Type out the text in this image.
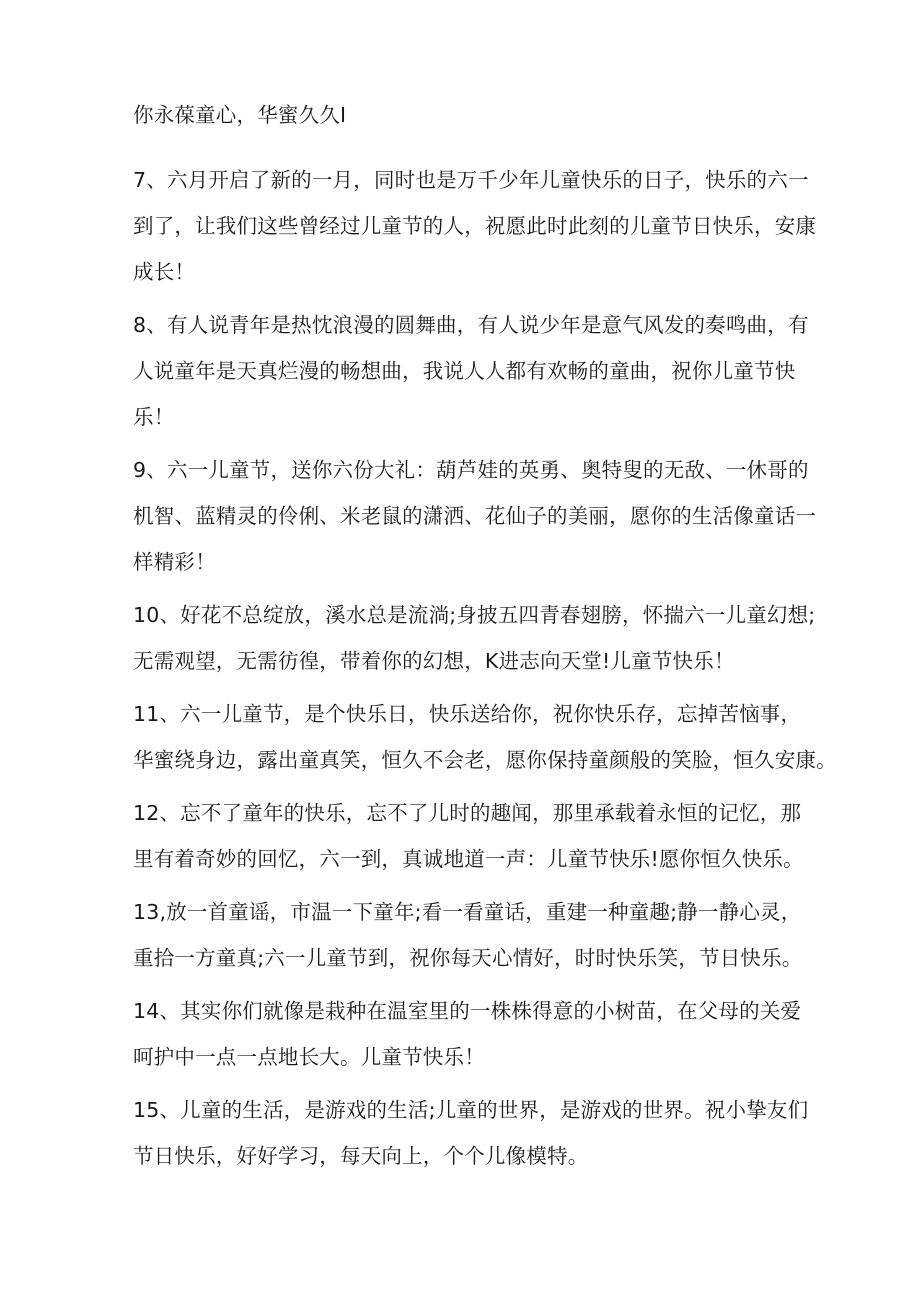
你永葆童心，华蜜久久I

7、六月开启了新的一月，同时也是万千少年儿童快乐的日子，快乐的六一
到了，让我们这些曾经过儿童节的人，祝愿此时此刻的儿童节日快乐，安康
成长！

8、有人说青年是热忱浪漫的圆舞曲，有人说少年是意气风发的奏鸣曲，有
人说童年是天真烂漫的畅想曲，我说人人都有欢畅的童曲，祝你儿童节快
乐！

9、六一儿童节，送你六份大礼：葫芦娃的英勇、奥特叟的无敌、一休哥的
机智、蓝精灵的伶俐、米老鼠的潇洒、花仙子的美丽，愿你的生活像童话一
样精彩！

10、好花不总绽放，溪水总是流淌;身披五四青春翅膀，怀揣六一儿童幻想;
无需观望，无需彷徨，带着你的幻想，K进志向天堂!儿童节快乐！

11、六一儿童节，是个快乐日，快乐送给你，祝你快乐存，忘掉苦恼事，
华蜜绕身边，露出童真笑，恒久不会老，愿你保持童颜般的笑脸，恒久安康。

12、忘不了童年的快乐，忘不了儿时的趣闻，那里承载着永恒的记忆，那
里有着奇妙的回忆，六一到，真诚地道一声：儿童节快乐!愿你恒久快乐。

13,放一首童谣，市温一下童年;看一看童话，重建一种童趣;静一静心灵，
重拾一方童真;六一儿童节到，祝你每天心情好，时时快乐笑，节日快乐。

14、其实你们就像是栽种在温室里的一株株得意的小树苗，在父母的关爱
呵护中一点一点地长大。儿童节快乐！

15、儿童的生活，是游戏的生活;儿童的世界，是游戏的世界。祝小挚友们
节日快乐，好好学习，每天向上，个个儿像模特。
